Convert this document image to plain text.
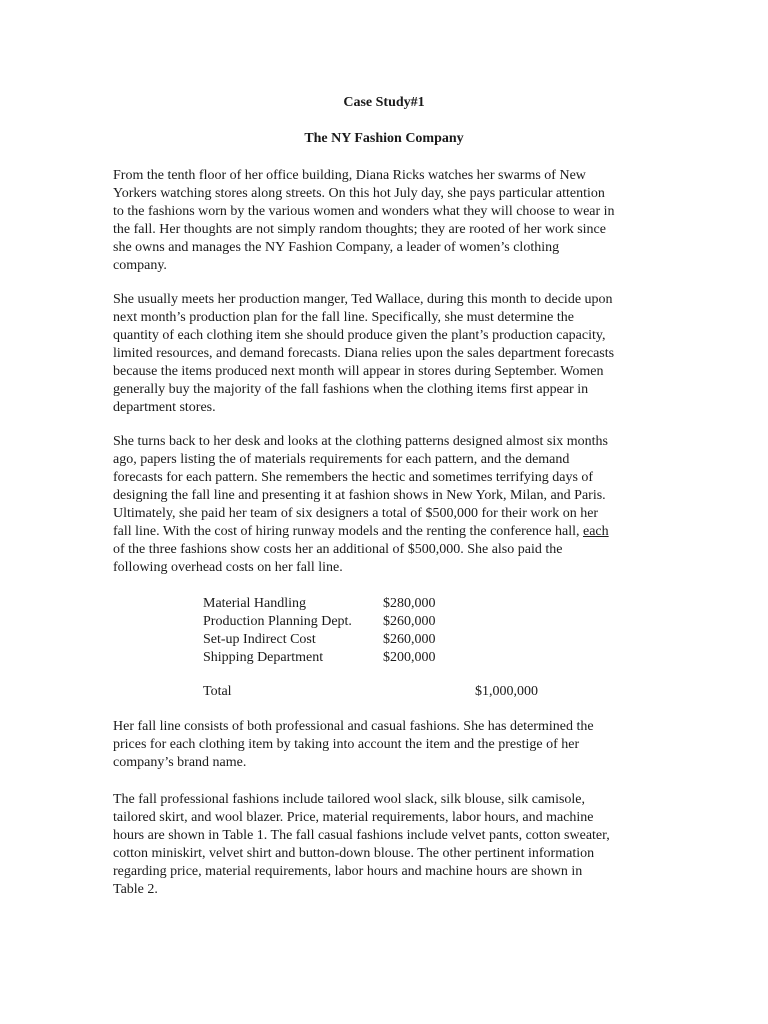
Case Study#1
The NY Fashion Company

From the tenth floor of her office building, Diana Ricks watches her swarms of New
Yorkers watching stores along streets. On this hot July day, she pays particular attention
to the fashions worn by the various women and wonders what they will choose to wear in
the fall. Her thoughts are not simply random thoughts; they are rooted of her work since
she owns and manages the NY Fashion Company, a leader of women’s clothing
company.

She usually meets her production manger, Ted Wallace, during this month to decide upon
next month’s production plan for the fall line. Specifically, she must determine the
quantity of each clothing item she should produce given the plant’s production capacity,
limited resources, and demand forecasts. Diana relies upon the sales department forecasts
because the items produced next month will appear in stores during September. Women
generally buy the majority of the fall fashions when the clothing items first appear in
department stores.

She turns back to her desk and looks at the clothing patterns designed almost six months
ago, papers listing the of materials requirements for each pattern, and the demand
forecasts for each pattern. She remembers the hectic and sometimes terrifying days of
designing the fall line and presenting it at fashion shows in New York, Milan, and Paris.
Ultimately, she paid her team of six designers a total of $500,000 for their work on her
fall line. With the cost of hiring runway models and the renting the conference hall, each
of the three fashions show costs her an additional of $500,000. She also paid the
following overhead costs on her fall line.

Material Handling	$280,000
Production Planning Dept. $260,000
Set-up Indirect Cost	$260,000
Shipping Department	$200,000
Total	$1,000,000

Her fall line consists of both professional and casual fashions. She has determined the
prices for each clothing item by taking into account the item and the prestige of her
company’s brand name.

The fall professional fashions include tailored wool slack, silk blouse, silk camisole,
tailored skirt, and wool blazer. Price, material requirements, labor hours, and machine
hours are shown in Table 1. The fall casual fashions include velvet pants, cotton sweater,
cotton miniskirt, velvet shirt and button-down blouse. The other pertinent information
regarding price, material requirements, labor hours and machine hours are shown in
Table 2.
